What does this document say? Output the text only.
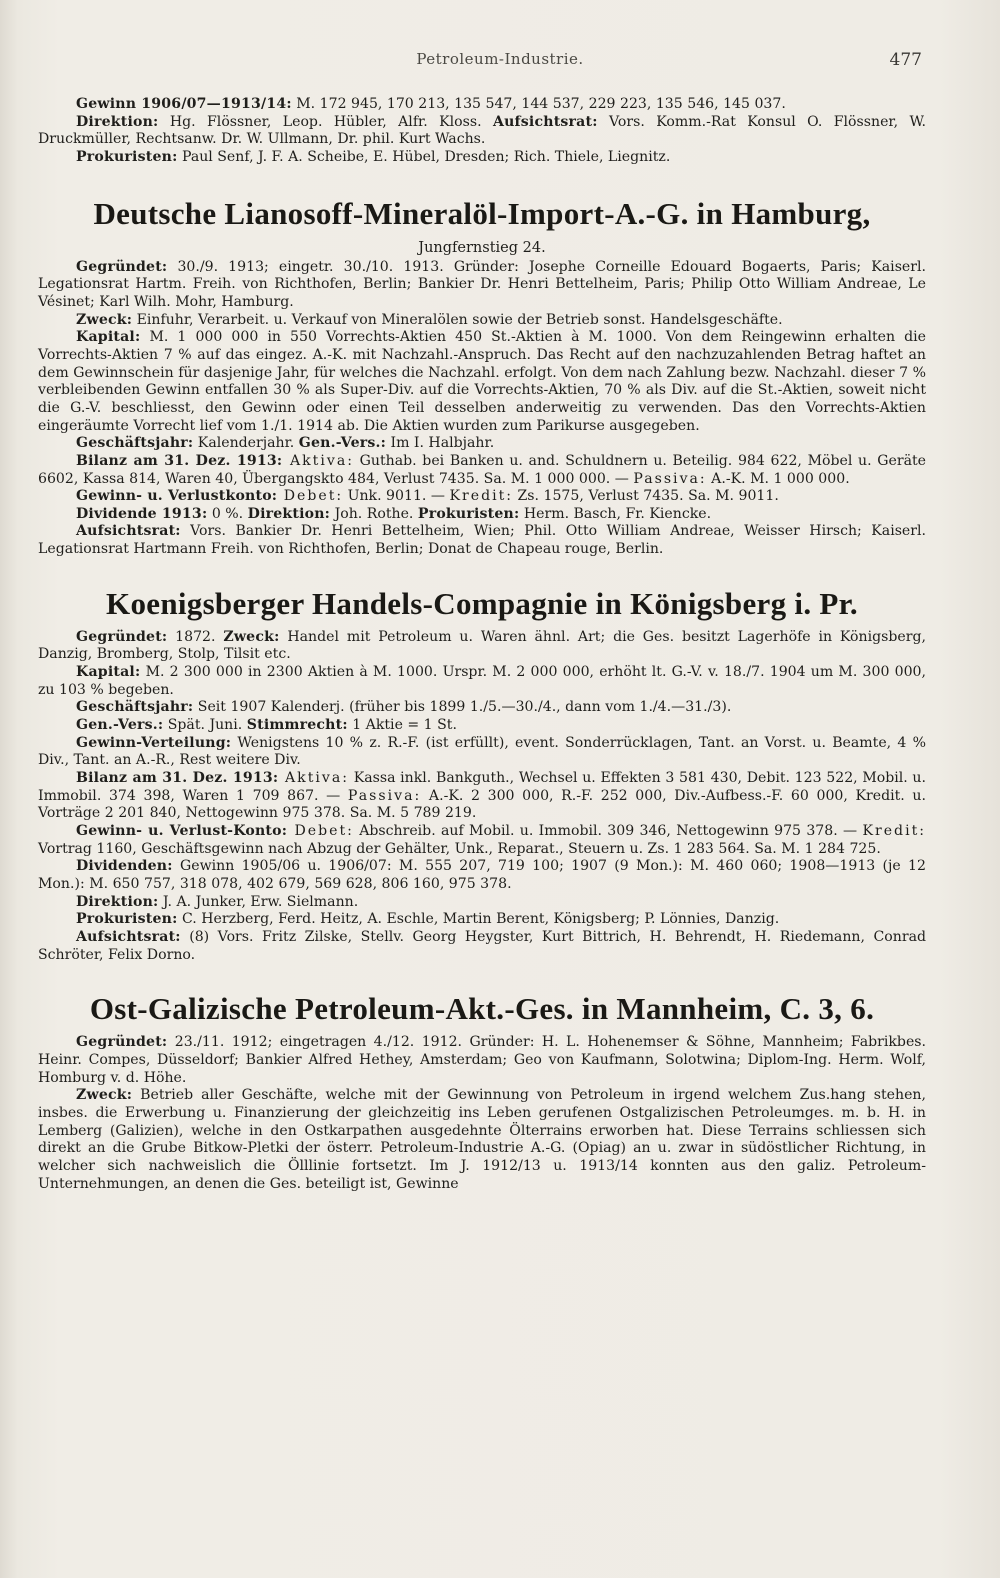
Petroleum-Industrie.	477

Gewinn 1906/07—1913/14: M. 172 945, 170 213, 135 547, 144 537, 229 223, 135 546, 145 037.

Direktion: Hg. Flössner, Leop. Hübler, Alfr. Kloss. Aufsichtsrat: Vors. Komm.-Rat Konsul O. Flössner, W. Druckmüller, Rechtsanw. Dr. W. Ullmann, Dr. phil. Kurt Wachs.

Prokuristen: Paul Senf, J. F. A. Scheibe, E. Hübel, Dresden; Rich. Thiele, Liegnitz.

Deutsche Lianosoff-Mineralöl-Import-A.-G. in Hamburg,

Jungfernstieg 24.

Gegründet: 30./9. 1913; eingetr. 30./10. 1913. Gründer: Josephe Corneille Edouard Bogaerts, Paris; Kaiserl. Legationsrat Hartm. Freih. von Richthofen, Berlin; Bankier Dr. Henri Bettelheim, Paris; Philip Otto William Andreae, Le Vésinet; Karl Wilh. Mohr, Hamburg.

Zweck: Einfuhr, Verarbeit. u. Verkauf von Mineralölen sowie der Betrieb sonst. Handelsgeschäfte.

Kapital: M. 1 000 000 in 550 Vorrechts-Aktien 450 St.-Aktien à M. 1000. Von dem Reingewinn erhalten die Vorrechts-Aktien 7 % auf das eingez. A.-K. mit Nachzahl.-Anspruch. Das Recht auf den nachzuzahlenden Betrag haftet an dem Gewinnschein für dasjenige Jahr, für welches die Nachzahl. erfolgt. Von dem nach Zahlung bezw. Nachzahl. dieser 7 % verbleibenden Gewinn entfallen 30 % als Super-Div. auf die Vorrechts-Aktien, 70 % als Div. auf die St.-Aktien, soweit nicht die G.-V. beschliesst, den Gewinn oder einen Teil desselben anderweitig zu verwenden. Das den Vorrechts-Aktien eingeräumte Vorrecht lief vom 1./1. 1914 ab. Die Aktien wurden zum Parikurse ausgegeben.

Geschäftsjahr: Kalenderjahr. Gen.-Vers.: Im I. Halbjahr.

Bilanz am 31. Dez. 1913: Aktiva: Guthab. bei Banken u. and. Schuldnern u. Beteilig. 984 622, Möbel u. Geräte 6602, Kassa 814, Waren 40, Übergangskto 484, Verlust 7435. Sa. M. 1 000 000. — Passiva: A.-K. M. 1 000 000.

Gewinn- u. Verlustkonto: Debet: Unk. 9011. — Kredit: Zs. 1575, Verlust 7435. Sa. M. 9011.

Dividende 1913: 0 %. Direktion: Joh. Rothe. Prokuristen: Herm. Basch, Fr. Kiencke.

Aufsichtsrat: Vors. Bankier Dr. Henri Bettelheim, Wien; Phil. Otto William Andreae, Weisser Hirsch; Kaiserl. Legationsrat Hartmann Freih. von Richthofen, Berlin; Donat de Chapeau rouge, Berlin.

Koenigsberger Handels-Compagnie in Königsberg i. Pr.

Gegründet: 1872. Zweck: Handel mit Petroleum u. Waren ähnl. Art; die Ges. besitzt Lagerhöfe in Königsberg, Danzig, Bromberg, Stolp, Tilsit etc.

Kapital: M. 2 300 000 in 2300 Aktien à M. 1000. Urspr. M. 2 000 000, erhöht lt. G.-V. v. 18./7. 1904 um M. 300 000, zu 103 % begeben.

Geschäftsjahr: Seit 1907 Kalenderj. (früher bis 1899 1./5.—30./4., dann vom 1./4.—31./3).

Gen.-Vers.: Spät. Juni. Stimmrecht: 1 Aktie = 1 St.

Gewinn-Verteilung: Wenigstens 10 % z. R.-F. (ist erfüllt), event. Sonderrücklagen, Tant. an Vorst. u. Beamte, 4 % Div., Tant. an A.-R., Rest weitere Div.

Bilanz am 31. Dez. 1913: Aktiva: Kassa inkl. Bankguth., Wechsel u. Effekten 3 581 430, Debit. 123 522, Mobil. u. Immobil. 374 398, Waren 1 709 867. — Passiva: A.-K. 2 300 000, R.-F. 252 000, Div.-Aufbess.-F. 60 000, Kredit. u. Vorträge 2 201 840, Nettogewinn 975 378. Sa. M. 5 789 219.

Gewinn- u. Verlust-Konto: Debet: Abschreib. auf Mobil. u. Immobil. 309 346, Nettogewinn 975 378. — Kredit: Vortrag 1160, Geschäftsgewinn nach Abzug der Gehälter, Unk., Reparat., Steuern u. Zs. 1 283 564. Sa. M. 1 284 725.

Dividenden: Gewinn 1905/06 u. 1906/07: M. 555 207, 719 100; 1907 (9 Mon.): M. 460 060; 1908—1913 (je 12 Mon.): M. 650 757, 318 078, 402 679, 569 628, 806 160, 975 378.

Direktion: J. A. Junker, Erw. Sielmann.

Prokuristen: C. Herzberg, Ferd. Heitz, A. Eschle, Martin Berent, Königsberg; P. Lönnies, Danzig.

Aufsichtsrat: (8) Vors. Fritz Zilske, Stellv. Georg Heygster, Kurt Bittrich, H. Behrendt, H. Riedemann, Conrad Schröter, Felix Dorno.

Ost-Galizische Petroleum-Akt.-Ges. in Mannheim, C. 3, 6.

Gegründet: 23./11. 1912; eingetragen 4./12. 1912. Gründer: H. L. Hohenemser & Söhne, Mannheim; Fabrikbes. Heinr. Compes, Düsseldorf; Bankier Alfred Hethey, Amsterdam; Geo von Kaufmann, Solotwina; Diplom-Ing. Herm. Wolf, Homburg v. d. Höhe.

Zweck: Betrieb aller Geschäfte, welche mit der Gewinnung von Petroleum in irgend welchem Zus.hang stehen, insbes. die Erwerbung u. Finanzierung der gleichzeitig ins Leben gerufenen Ostgalizischen Petroleumges. m. b. H. in Lemberg (Galizien), welche in den Ostkarpathen ausgedehnte Ölterrains erworben hat. Diese Terrains schliessen sich direkt an die Grube Bitkow-Pletki der österr. Petroleum-Industrie A.-G. (Opiag) an u. zwar in südöstlicher Richtung, in welcher sich nachweislich die Ölllinie fortsetzt. Im J. 1912/13 u. 1913/14 konnten aus den galiz. Petroleum-Unternehmungen, an denen die Ges. beteiligt ist, Gewinne
